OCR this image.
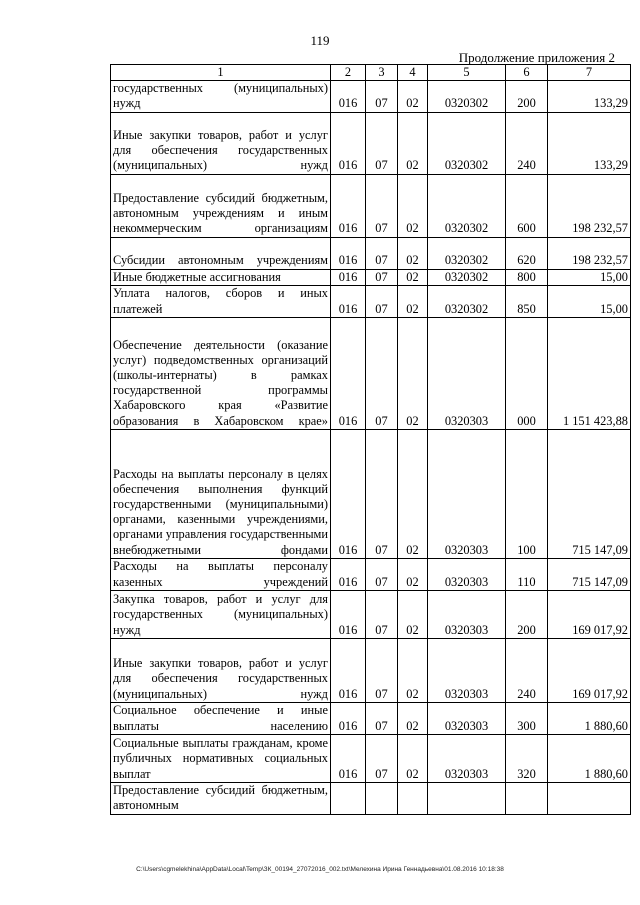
119
Продолжение приложения 2
1	2	3	4	5	6	7
государственных (муниципальных) нужд	016	07	02	0320302	200	133,29
Иные закупки товаров, работ и услуг для обеспечения государственных (муниципальных) нужд	016	07	02	0320302	240	133,29
Предоставление субсидий бюджетным, автономным учреждениям и иным некоммерческим организациям	016	07	02	0320302	600	198 232,57
Субсидии автономным учреждениям	016	07	02	0320302	620	198 232,57
Иные бюджетные ассигнования	016	07	02	0320302	800	15,00
Уплата налогов, сборов и иных платежей	016	07	02	0320302	850	15,00
Обеспечение деятельности (оказание услуг) подведомственных организаций (школы-интернаты) в рамках государственной программы Хабаровского края «Развитие образования в Хабаровском крае»	016	07	02	0320303	000	1 151 423,88
Расходы на выплаты персоналу в целях обеспечения выполнения функций государственными (муниципальными) органами, казенными учреждениями, органами управления государственными внебюджетными фондами	016	07	02	0320303	100	715 147,09
Расходы на выплаты персоналу казенных учреждений	016	07	02	0320303	110	715 147,09
Закупка товаров, работ и услуг для государственных (муниципальных) нужд	016	07	02	0320303	200	169 017,92
Иные закупки товаров, работ и услуг для обеспечения государственных (муниципальных) нужд	016	07	02	0320303	240	169 017,92
Социальное обеспечение и иные выплаты населению	016	07	02	0320303	300	1 880,60
Социальные выплаты гражданам, кроме публичных нормативных социальных выплат	016	07	02	0320303	320	1 880,60
Предоставление субсидий бюджетным, автономным						
C:\Users\cgmelekhina\AppData\Local\Temp\ЗК_00194_27072016_002.txt\Мелехина Ирина Геннадьевна\01.08.2016 10:18:38
